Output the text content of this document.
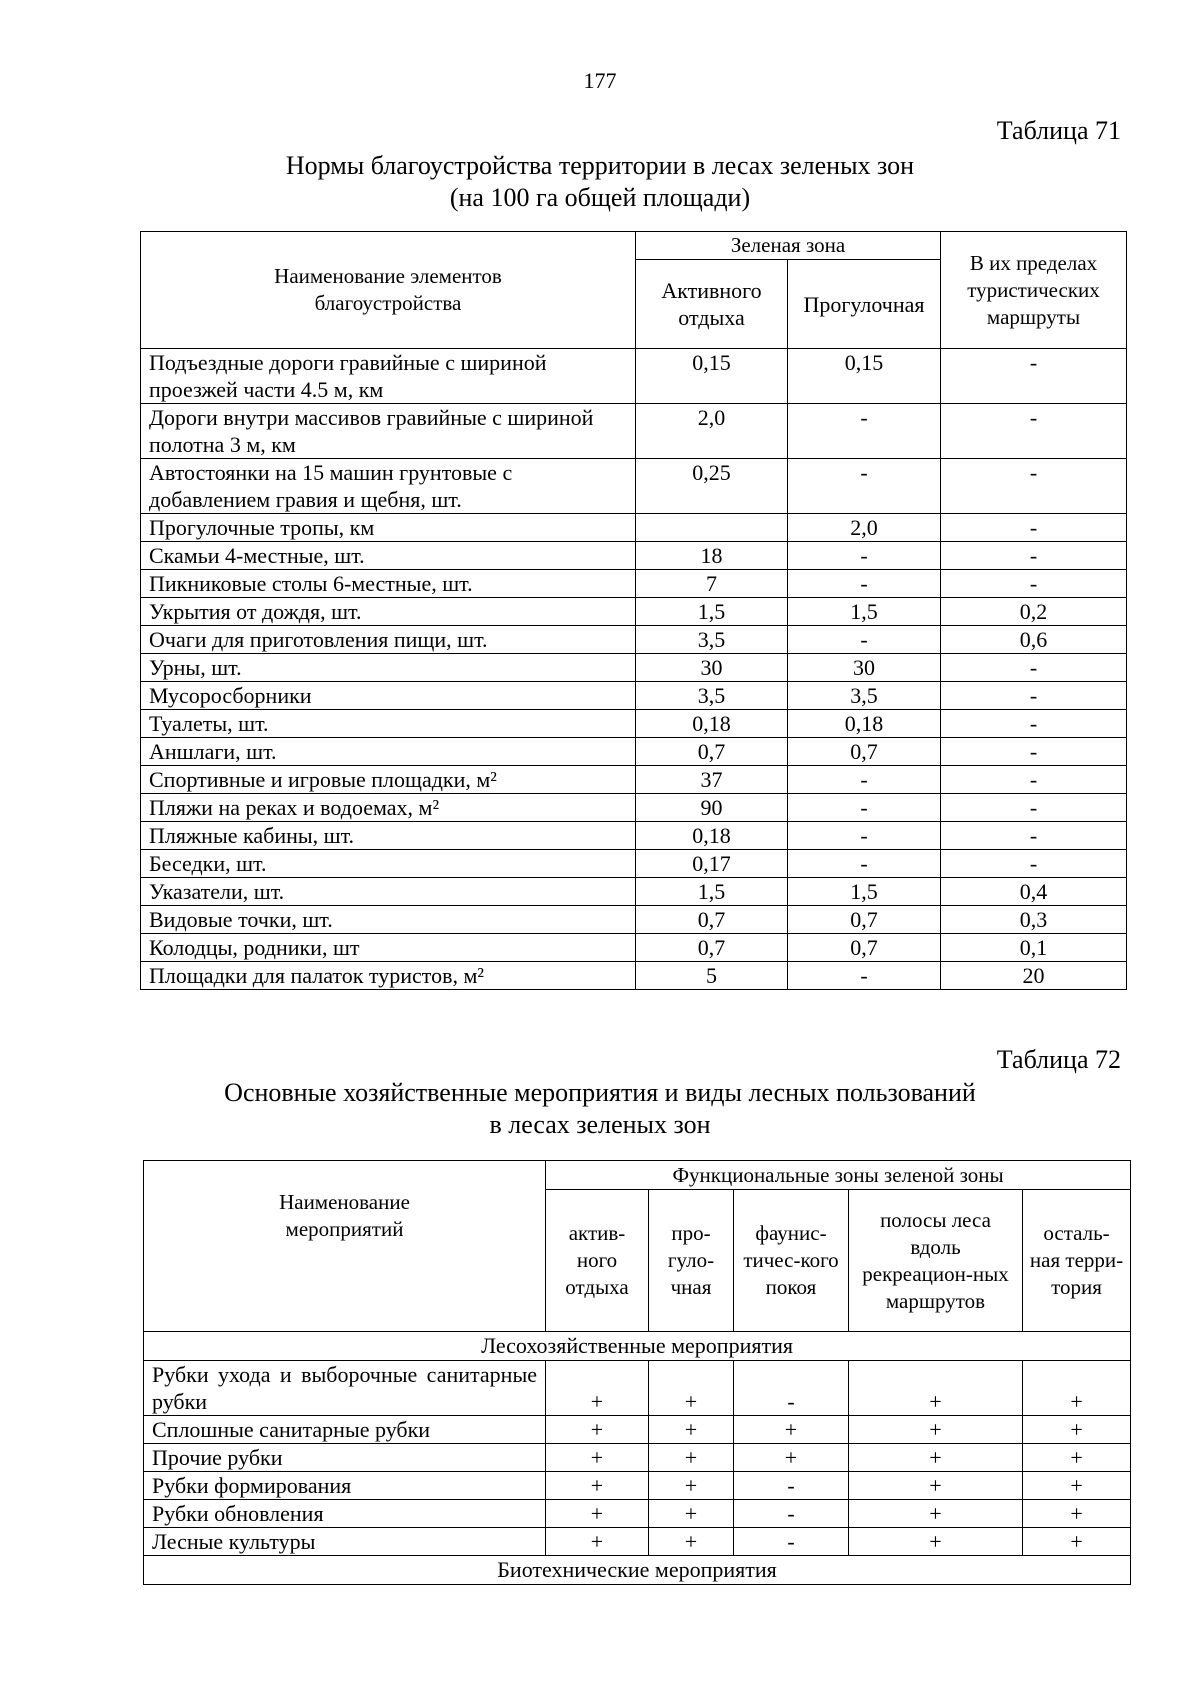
177
Таблица 71
Нормы благоустройства территории в лесах зеленых зон
(на 100 га общей площади)
Наименование элементов благоустройства	Зеленая зона		В их пределах туристических маршруты
	Активного отдыха	Прогулочная	
Подъездные дороги гравийные с шириной проезжей части 4.5 м, км	0,15	0,15	-
Дороги внутри массивов гравийные с шириной полотна 3 м, км	2,0	-	-
Автостоянки на 15 машин грунтовые с добавлением гравия и щебня, шт.	0,25	-	-
Прогулочные тропы, км		2,0	-
Скамьи 4-местные, шт.	18	-	-
Пикниковые столы 6-местные, шт.	7	-	-
Укрытия от дождя, шт.	1,5	1,5	0,2
Очаги для приготовления пищи, шт.	3,5	-	0,6
Урны, шт.	30	30	-
Мусоросборники	3,5	3,5	-
Туалеты, шт.	0,18	0,18	-
Аншлаги, шт.	0,7	0,7	-
Спортивные и игровые площадки, м²	37	-	-
Пляжи на реках и водоемах, м²	90	-	-
Пляжные кабины, шт.	0,18	-	-
Беседки, шт.	0,17	-	-
Указатели, шт.	1,5	1,5	0,4
Видовые точки, шт.	0,7	0,7	0,3
Колодцы, родники, шт	0,7	0,7	0,1
Площадки для палаток туристов, м²	5	-	20
Таблица 72
Основные хозяйственные мероприятия и виды лесных пользований
в лесах зеленых зон
Наименование мероприятий	Функциональные зоны зеленой зоны				
	актив-ного отдыха	про-гуло-чная	фаунис-тичес-кого покоя	полосы леса вдоль рекреацион-ных маршрутов	осталь-ная терри-тория
Лесохозяйственные мероприятия					
Рубки ухода и выборочные санитарные рубки	+	+	-	+	+
Сплошные санитарные рубки	+	+	+	+	+
Прочие рубки	+	+	+	+	+
Рубки формирования	+	+	-	+	+
Рубки обновления	+	+	-	+	+
Лесные культуры	+	+	-	+	+
Биотехнические мероприятия					
